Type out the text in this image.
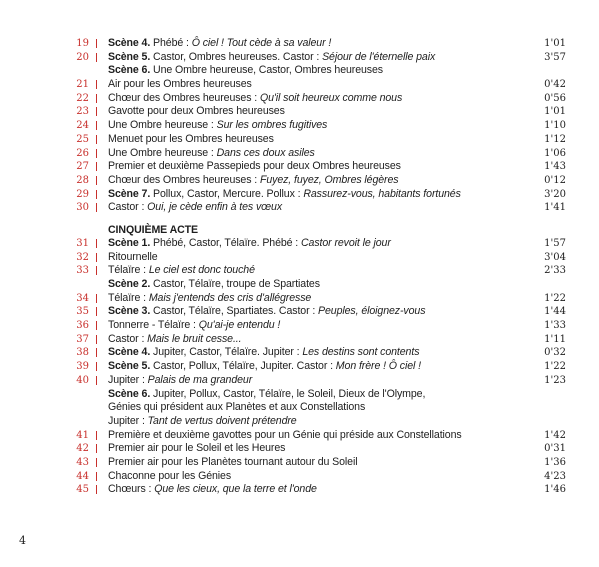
19 Scène 4. Phébé : Ô ciel ! Tout cède à sa valeur !	1'01
20 Scène 5. Castor, Ombres heureuses. Castor : Séjour de l'éternelle paix	3'57
Scène 6. Une Ombre heureuse, Castor, Ombres heureuses
21 Air pour les Ombres heureuses	0'42
22 Chœur des Ombres heureuses : Qu'il soit heureux comme nous	0'56
23 Gavotte pour deux Ombres heureuses	1'01
24 Une Ombre heureuse : Sur les ombres fugitives	1'10
25 Menuet pour les Ombres heureuses	1'12
26 Une Ombre heureuse : Dans ces doux asiles	1'06
27 Premier et deuxième Passepieds pour deux Ombres heureuses	1'43
28 Chœur des Ombres heureuses : Fuyez, fuyez, Ombres légères	0'12
29 Scène 7. Pollux, Castor, Mercure. Pollux : Rassurez-vous, habitants fortunés	3'20
30 Castor : Oui, je cède enfin à tes vœux	1'41
CINQUIÈME ACTE
31 Scène 1. Phébé, Castor, Télaïre. Phébé : Castor revoit le jour	1'57
32 Ritournelle	3'04
33 Télaïre : Le ciel est donc touché	2'33
Scène 2. Castor, Télaïre, troupe de Spartiates
34 Télaïre : Mais j'entends des cris d'allégresse	1'22
35 Scène 3. Castor, Télaïre, Spartiates. Castor : Peuples, éloignez-vous	1'44
36 Tonnerre - Télaïre : Qu'ai-je entendu !	1'33
37 Castor : Mais le bruit cesse...	1'11
38 Scène 4. Jupiter, Castor, Télaïre. Jupiter : Les destins sont contents	0'32
39 Scène 5. Castor, Pollux, Télaïre, Jupiter. Castor : Mon frère ! Ô ciel !	1'22
40 Jupiter : Palais de ma grandeur	1'23
Scène 6. Jupiter, Pollux, Castor, Télaïre, le Soleil, Dieux de l'Olympe,
Génies qui président aux Planètes et aux Constellations
Jupiter : Tant de vertus doivent prétendre
41 Première et deuxième gavottes pour un Génie qui préside aux Constellations	1'42
42 Premier air pour le Soleil et les Heures	0'31
43 Premier air pour les Planètes tournant autour du Soleil	1'36
44 Chaconne pour les Génies	4'23
45 Chœurs : Que les cieux, que la terre et l'onde	1'46
4
